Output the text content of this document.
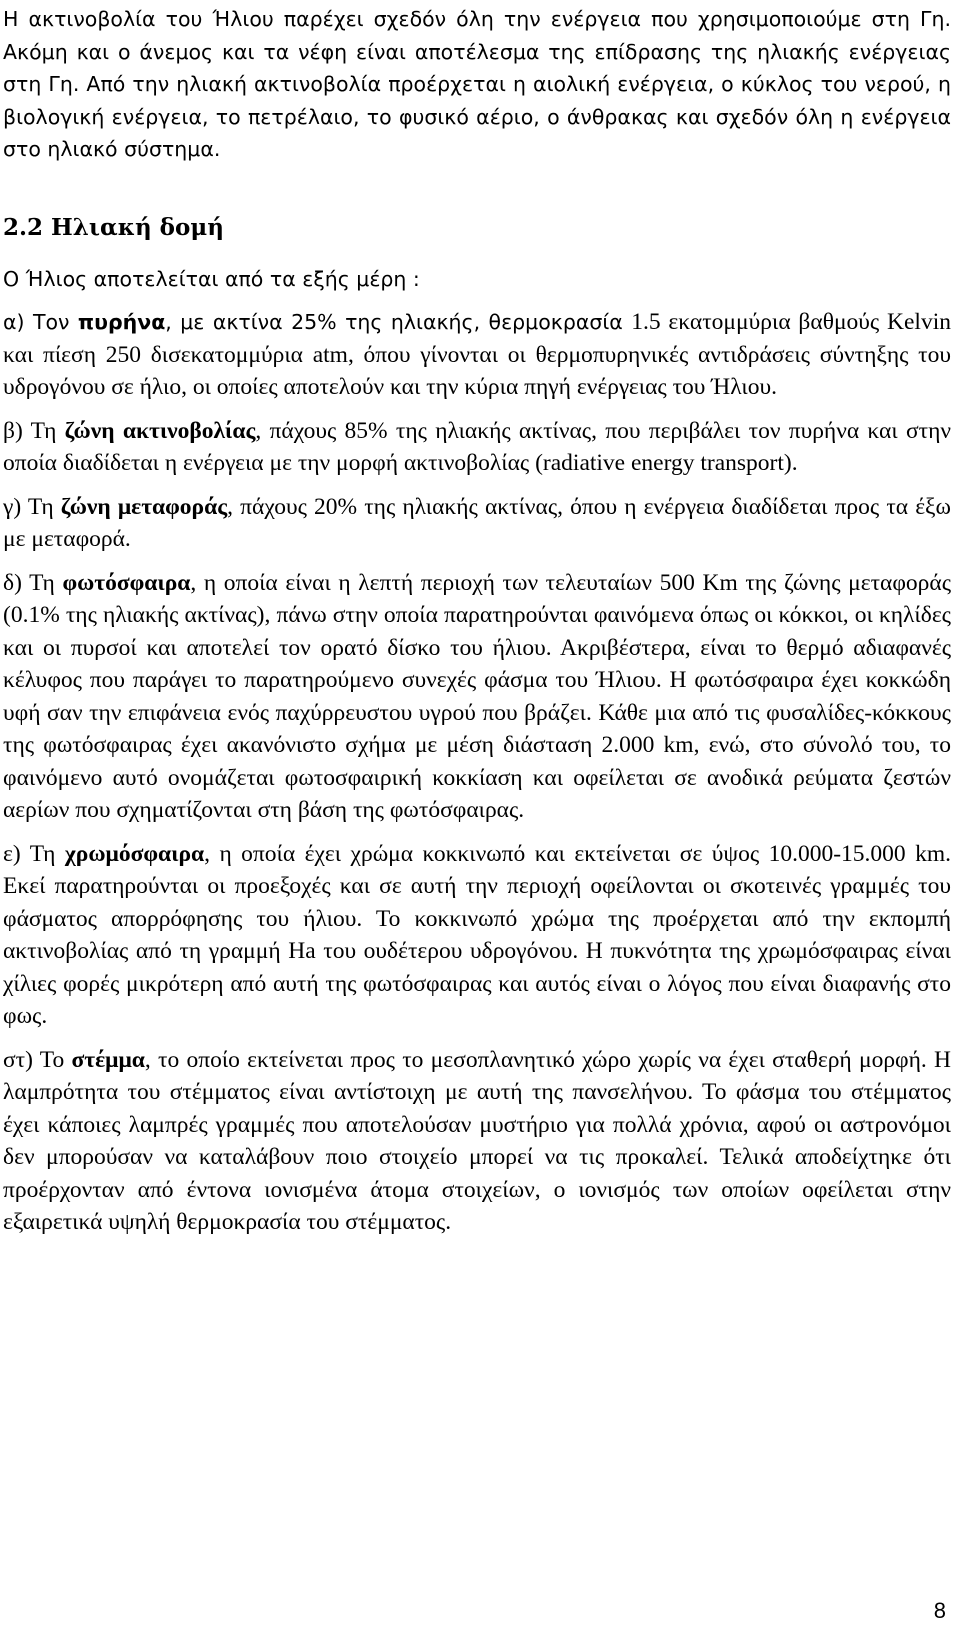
Η ακτινοβολία του Ήλιου παρέχει σχεδόν όλη την ενέργεια που χρησιμοποιούμε στη Γη. Ακόμη και ο άνεμος και τα νέφη είναι αποτέλεσμα της επίδρασης της ηλιακής ενέργειας στη Γη. Από την ηλιακή ακτινοβολία προέρχεται η αιολική ενέργεια, ο κύκλος του νερού, η βιολογική ενέργεια, το πετρέλαιο, το φυσικό αέριο, ο άνθρακας και σχεδόν όλη η ενέργεια στο ηλιακό σύστημα.

2.2 Ηλιακή δομή

Ο Ήλιος αποτελείται από τα εξής μέρη :

α) Τον πυρήνα, με ακτίνα 25% της ηλιακής, θερμοκρασία 1.5 εκατομμύρια βαθμούς Kelvin και πίεση 250 δισεκατομμύρια atm, όπου γίνονται οι θερμοπυρηνικές αντιδράσεις σύντηξης του υδρογόνου σε ήλιο, οι οποίες αποτελούν και την κύρια πηγή ενέργειας του Ήλιου.

β) Τη ζώνη ακτινοβολίας, πάχους 85% της ηλιακής ακτίνας, που περιβάλει τον πυρήνα και στην οποία διαδίδεται η ενέργεια με την μορφή ακτινοβολίας (radiative energy transport).

γ) Τη ζώνη μεταφοράς, πάχους 20% της ηλιακής ακτίνας, όπου η ενέργεια διαδίδεται προς τα έξω με μεταφορά.

δ) Τη φωτόσφαιρα, η οποία είναι η λεπτή περιοχή των τελευταίων 500 Km της ζώνης μεταφοράς (0.1% της ηλιακής ακτίνας), πάνω στην οποία παρατηρούνται φαινόμενα όπως οι κόκκοι, οι κηλίδες και οι πυρσοί και αποτελεί τον ορατό δίσκο του ήλιου. Ακριβέστερα, είναι το θερμό αδιαφανές κέλυφος που παράγει το παρατηρούμενο συνεχές φάσμα του Ήλιου. Η φωτόσφαιρα έχει κοκκώδη υφή σαν την επιφάνεια ενός παχύρρευστου υγρού που βράζει. Κάθε μια από τις φυσαλίδες-κόκκους της φωτόσφαιρας έχει ακανόνιστο σχήμα με μέση διάσταση 2.000 km, ενώ, στο σύνολό του, το φαινόμενο αυτό ονομάζεται φωτοσφαιρική κοκκίαση και οφείλεται σε ανοδικά ρεύματα ζεστών αερίων που σχηματίζονται στη βάση της φωτόσφαιρας.

ε) Τη χρωμόσφαιρα, η οποία έχει χρώμα κοκκινωπό και εκτείνεται σε ύψος 10.000-15.000 km. Εκεί παρατηρούνται οι προεξοχές και σε αυτή την περιοχή οφείλονται οι σκοτεινές γραμμές του φάσματος απορρόφησης του ήλιου. Το κοκκινωπό χρώμα της προέρχεται από την εκπομπή ακτινοβολίας από τη γραμμή Ηa του ουδέτερου υδρογόνου. Η πυκνότητα της χρωμόσφαιρας είναι χίλιες φορές μικρότερη από αυτή της φωτόσφαιρας και αυτός είναι ο λόγος που είναι διαφανής στο φως.

στ) Το στέμμα, το οποίο εκτείνεται προς το μεσοπλανητικό χώρο χωρίς να έχει σταθερή μορφή. Η λαμπρότητα του στέμματος είναι αντίστοιχη με αυτή της πανσελήνου. Το φάσμα του στέμματος έχει κάποιες λαμπρές γραμμές που αποτελούσαν μυστήριο για πολλά χρόνια, αφού οι αστρονόμοι δεν μπορούσαν να καταλάβουν ποιο στοιχείο μπορεί να τις προκαλεί. Τελικά αποδείχτηκε ότι προέρχονταν από έντονα ιονισμένα άτομα στοιχείων, ο ιονισμός των οποίων οφείλεται στην εξαιρετικά υψηλή θερμοκρασία του στέμματος.

8
